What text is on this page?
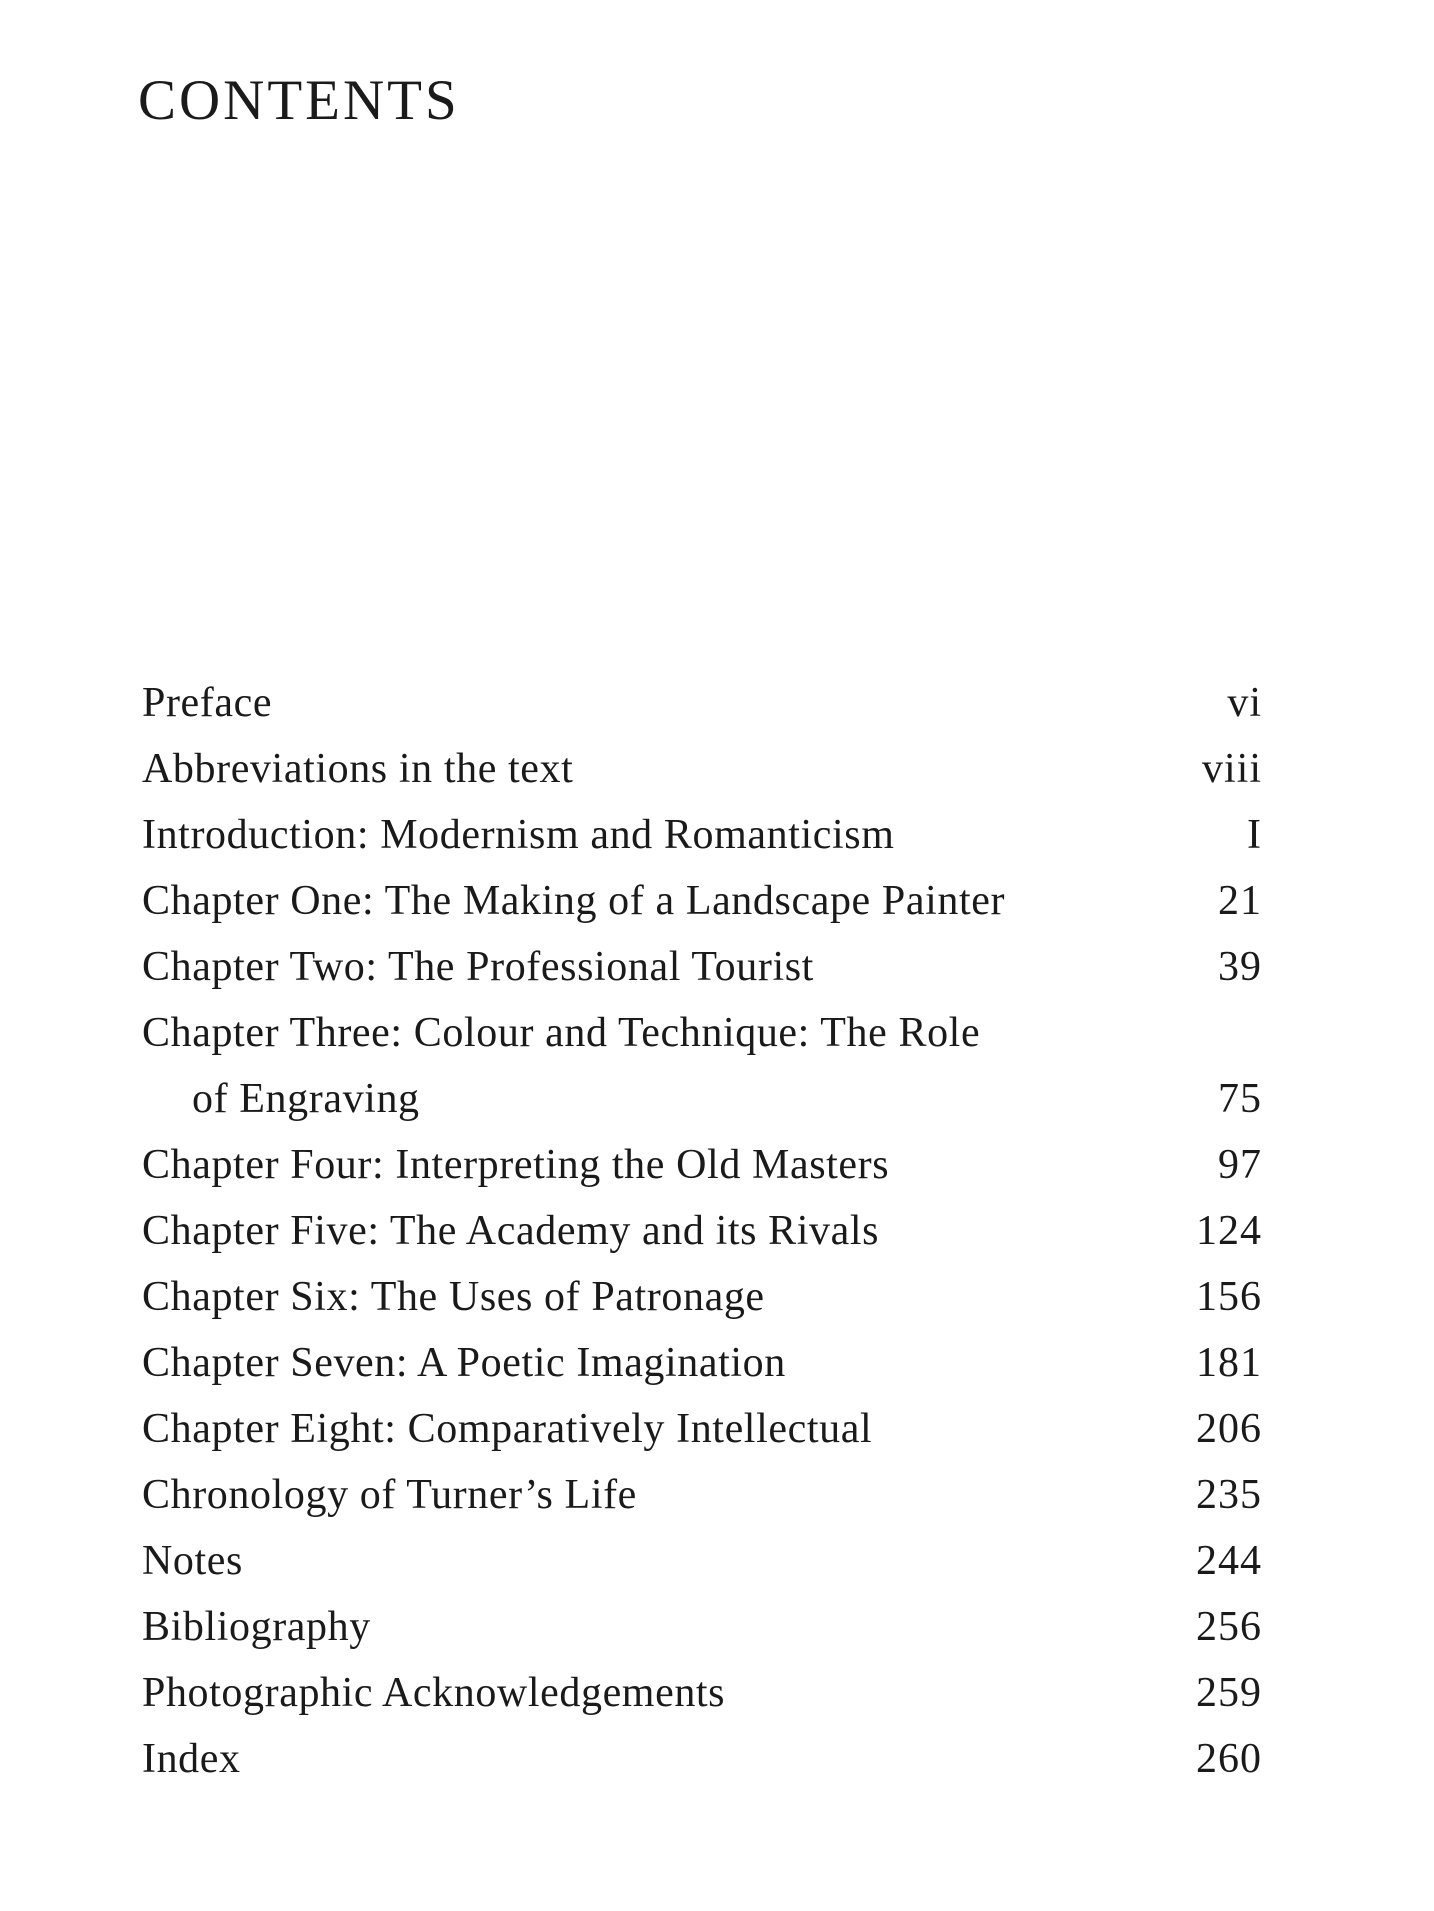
CONTENTS
Preface	vi
Abbreviations in the text	viii
Introduction: Modernism and Romanticism	I
Chapter One: The Making of a Landscape Painter	21
Chapter Two: The Professional Tourist	39
Chapter Three: Colour and Technique: The Role
of Engraving	75
Chapter Four: Interpreting the Old Masters	97
Chapter Five: The Academy and its Rivals	124
Chapter Six: The Uses of Patronage	156
Chapter Seven: A Poetic Imagination	181
Chapter Eight: Comparatively Intellectual	206
Chronology of Turner’s Life	235
Notes	244
Bibliography	256
Photographic Acknowledgements	259
Index	260
